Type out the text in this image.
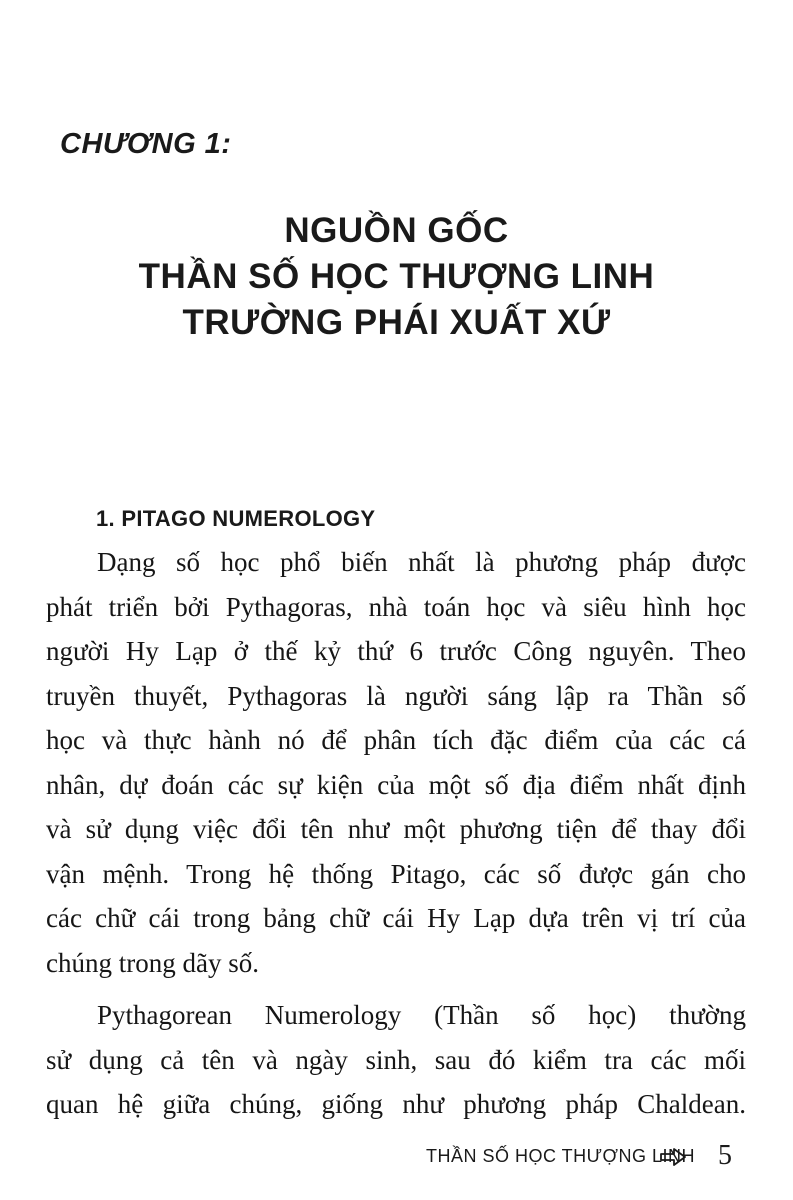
CHƯƠNG 1:
NGUỒN GỐC
THẦN SỐ HỌC THƯỢNG LINH
TRƯỜNG PHÁI XUẤT XỨ
1. PITAGO NUMEROLOGY
Dạng số học phổ biến nhất là phương pháp được
phát triển bởi Pythagoras, nhà toán học và siêu hình học
người Hy Lạp ở thế kỷ thứ 6 trước Công nguyên. Theo
truyền thuyết, Pythagoras là người sáng lập ra Thần số
học và thực hành nó để phân tích đặc điểm của các cá
nhân, dự đoán các sự kiện của một số địa điểm nhất định
và sử dụng việc đổi tên như một phương tiện để thay đổi
vận mệnh. Trong hệ thống Pitago, các số được gán cho
các chữ cái trong bảng chữ cái Hy Lạp dựa trên vị trí của
chúng trong dãy số.
Pythagorean Numerology (Thần số học) thường
sử dụng cả tên và ngày sinh, sau đó kiểm tra các mối
quan hệ giữa chúng, giống như phương pháp Chaldean.
THẦN SỐ HỌC THƯỢNG LINH 5
